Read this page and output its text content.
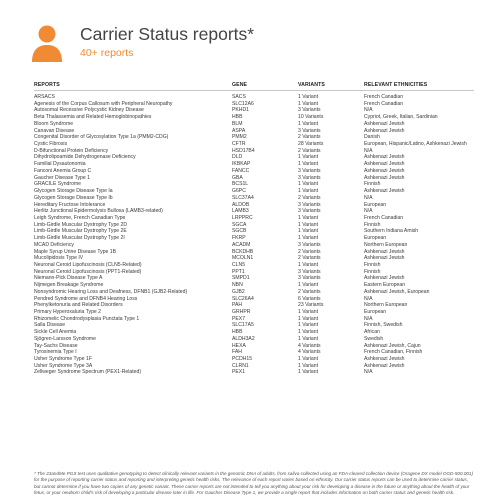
Carrier Status reports*
40+ reports
REPORTS	GENE	VARIANTS	RELEVANT ETHNICITIES
ARSACS	SACS	1 Variant	French Canadian
Agenesis of the Corpus Callosum with Peripheral Neuropathy	SLC12A6	1 Variant	French Canadian
Autosomal Recessive Polycystic Kidney Disease	PKHD1	3 Variants	N/A
Beta Thalassemia and Related Hemoglobinopathies	HBB	10 Variants	Cypriot, Greek, Italian, Sardinian
Bloom Syndrome	BLM	1 Variant	Ashkenazi Jewish
Canavan Disease	ASPA	3 Variants	Ashkenazi Jewish
Congenital Disorder of Glycosylation Type 1a (PMM2-CDG)	PMM2	2 Variants	Danish
Cystic Fibrosis	CFTR	28 Variants	European, Hispanic/Latino, Ashkenazi Jewish
D-Bifunctional Protein Deficiency	HSD17B4	2 Variants	N/A
Dihydrolipoamide Dehydrogenase Deficiency	DLD	1 Variant	Ashkenazi Jewish
Familial Dysautonomia	IKBKAP	1 Variant	Ashkenazi Jewish
Fanconi Anemia Group C	FANCC	3 Variants	Ashkenazi Jewish
Gaucher Disease Type 1	GBA	3 Variants	Ashkenazi Jewish
GRACILE Syndrome	BCS1L	1 Variant	Finnish
Glycogen Storage Disease Type Ia	G6PC	1 Variant	Ashkenazi Jewish
Glycogen Storage Disease Type Ib	SLC37A4	2 Variants	N/A
Hereditary Fructose Intolerance	ALDOB	3 Variants	European
Herlitz Junctional Epidermolysis Bullosa (LAMB3-related)	LAMB3	3 Variants	N/A
Leigh Syndrome, French Canadian Type	LRPPRC	1 Variant	French Canadian
Limb-Girdle Muscular Dystrophy Type 2D	SGCA	1 Variant	Finnish
Limb-Girdle Muscular Dystrophy Type 2E	SGCB	1 Variant	Southern Indiana Amish
Limb-Girdle Muscular Dystrophy Type 2I	FKRP	1 Variant	European
MCAD Deficiency	ACADM	3 Variants	Northern European
Maple Syrup Urine Disease Type 1B	BCKDHB	2 Variants	Ashkenazi Jewish
Mucolipidosis Type IV	MCOLN1	2 Variants	Ashkenazi Jewish
Neuronal Ceroid Lipofuscinosis (CLN5-Related)	CLN5	1 Variant	Finnish
Neuronal Ceroid Lipofuscinosis (PPT1-Related)	PPT1	3 Variants	Finnish
Niemann-Pick Disease Type A	SMPD1	3 Variants	Ashkenazi Jewish
Nijmegen Breakage Syndrome	NBN	1 Variant	Eastern European
Nonsyndromic Hearing Loss and Deafness, DFNB1 (GJB2-Related)	GJB2	2 Variants	Ashkenazi Jewish, European
Pendred Syndrome and DFNB4 Hearing Loss	SLC26A4	6 Variants	N/A
Phenylketonuria and Related Disorders	PAH	23 Variants	Northern European
Primary Hyperoxaluria Type 2	GRHPR	1 Variant	European
Rhizomelic Chondrodysplasia Punctata Type 1	PEX7	1 Variant	N/A
Salla Disease	SLC17A5	1 Variant	Finnish, Swedish
Sickle Cell Anemia	HBB	1 Variant	African
Sjögren-Larsson Syndrome	ALDH3A2	1 Variant	Swedish
Tay-Sachs Disease	HEXA	4 Variants	Ashkenazi Jewish, Cajun
Tyrosinemia Type I	FAH	4 Variants	French Canadian, Finnish
Usher Syndrome Type 1F	PCDH15	1 Variant	Ashkenazi Jewish
Usher Syndrome Type 3A	CLRN1	1 Variant	Ashkenazi Jewish
Zellweger Syndrome Spectrum (PEX1-Related)	PEX1	1 Variant	N/A
* The 23andMe PGS test uses qualitative genotyping to detect clinically relevant variants in the genomic DNA of adults, from saliva collected using an FDA-cleared collection device (Oragene DX model OGD-500.001) for the purpose of reporting carrier status and reporting and interpreting genetic health risks. The relevance of each report varies based on ethnicity. Our carrier status reports can be used to determine carrier status, but cannot determine if you have two copies of any genetic variant. These carrier reports are not intended to tell you anything about your risk for developing a disease in the future or anything about the health of your fetus, or your newborn child's risk of developing a particular disease later in life. For Gaucher Disease Type 1, we provide a single report that includes information on both carrier status and genetic health risk.
